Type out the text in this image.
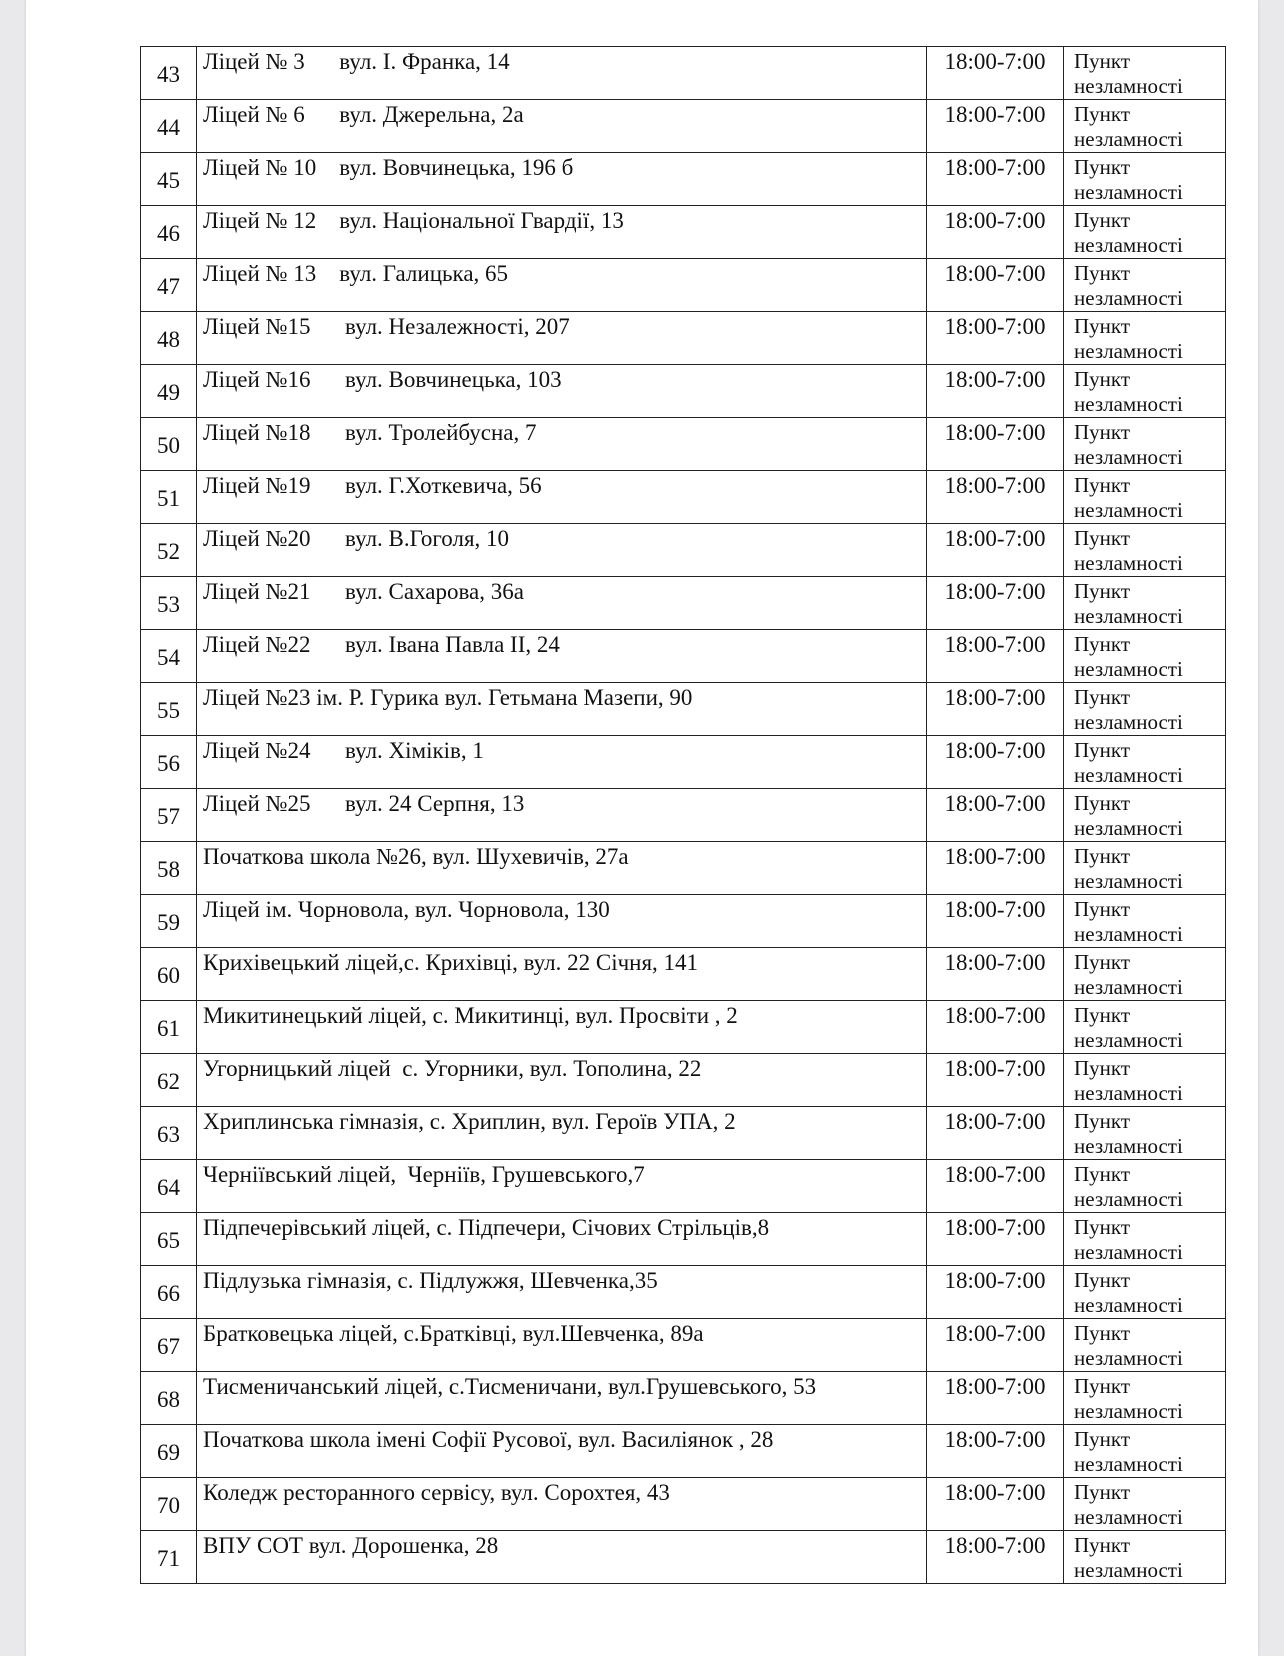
43	Ліцей № 3      вул. І. Франка, 14	18:00-7:00	Пункт
незламності

44	Ліцей № 6      вул. Джерельна, 2а	18:00-7:00	Пункт
незламності

45	Ліцей № 10    вул. Вовчинецька, 196 б	18:00-7:00	Пункт
незламності

46	Ліцей № 12    вул. Національної Гвардії, 13	18:00-7:00	Пункт
незламності

47	Ліцей № 13    вул. Галицька, 65	18:00-7:00	Пункт
незламності

48	Ліцей №15      вул. Незалежності, 207	18:00-7:00	Пункт
незламності

49	Ліцей №16      вул. Вовчинецька, 103	18:00-7:00	Пункт
незламності

50	Ліцей №18      вул. Тролейбусна, 7	18:00-7:00	Пункт
незламності

51	Ліцей №19      вул. Г.Хоткевича, 56	18:00-7:00	Пункт
незламності

52	Ліцей №20      вул. В.Гоголя, 10	18:00-7:00	Пункт
незламності

53	Ліцей №21      вул. Сахарова, 36а	18:00-7:00	Пункт
незламності

54	Ліцей №22      вул. Івана Павла ІІ, 24	18:00-7:00	Пункт
незламності

55	Ліцей №23 ім. Р. Гурика вул. Гетьмана Мазепи, 90	18:00-7:00	Пункт
незламності

56	Ліцей №24      вул. Хіміків, 1	18:00-7:00	Пункт
незламності

57	Ліцей №25      вул. 24 Серпня, 13	18:00-7:00	Пункт
незламності

58	Початкова школа №26, вул. Шухевичів, 27а	18:00-7:00	Пункт
незламності

59	Ліцей ім. Чорновола, вул. Чорновола, 130	18:00-7:00	Пункт
незламності

60	Крихівецький ліцей,с. Крихівці, вул. 22 Січня, 141	18:00-7:00	Пункт
незламності

61	Микитинецький ліцей, с. Микитинці, вул. Просвіти , 2	18:00-7:00	Пункт
незламності

62	Угорницький ліцей  с. Угорники, вул. Тополина, 22	18:00-7:00	Пункт
незламності

63	Хриплинська гімназія, с. Хриплин, вул. Героїв УПА, 2	18:00-7:00	Пункт
незламності

64	Черніївський ліцей,  Черніїв, Грушевського,7	18:00-7:00	Пункт
незламності

65	Підпечерівський ліцей, с. Підпечери, Січових Стрільців,8	18:00-7:00	Пункт
незламності

66	Підлузька гімназія, с. Підлужжя, Шевченка,35	18:00-7:00	Пункт
незламності

67	Братковецька ліцей, с.Братківці, вул.Шевченка, 89а	18:00-7:00	Пункт
незламності

68	Тисменичанський ліцей, с.Тисменичани, вул.Грушевського, 53	18:00-7:00	Пункт
незламності

69	Початкова школа імені Софії Русової, вул. Василіянок , 28	18:00-7:00	Пункт
незламності

70	Коледж ресторанного сервісу, вул. Сорохтея, 43	18:00-7:00	Пункт
незламності

71	ВПУ СОТ вул. Дорошенка, 28	18:00-7:00	Пункт
незламності
